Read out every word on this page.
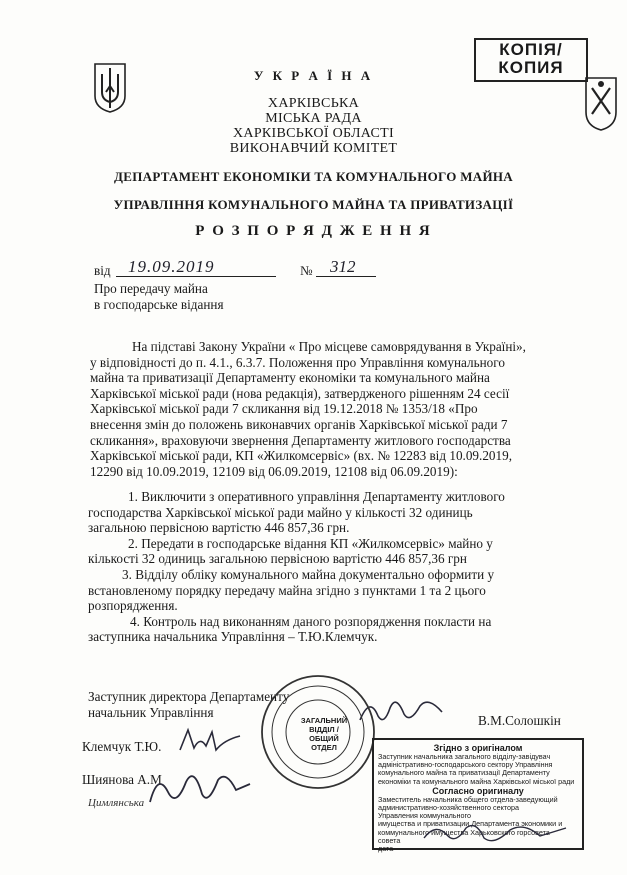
КОПІЯ/
КОПИЯ
У К Р А Ї Н А
ХАРКІВСЬКА
МІСЬКА РАДА
ХАРКІВСЬКОЇ ОБЛАСТІ
ВИКОНАВЧИЙ КОМІТЕТ
ДЕПАРТАМЕНТ ЕКОНОМІКИ ТА КОМУНАЛЬНОГО МАЙНА
УПРАВЛІННЯ КОМУНАЛЬНОГО МАЙНА ТА ПРИВАТИЗАЦІЇ
Р О З П О Р Я Д Ж Е Н Н Я
від 19.09.2019	№ 312
Про передачу майна
в господарське відання
На підставі Закону України « Про місцеве самоврядування в Україні»,
у відповідності до п. 4.1., 6.3.7. Положення про Управління комунального
майна та приватизації Департаменту економіки та комунального майна
Харківської міської ради (нова редакція), затвердженого рішенням 24 сесії
Харківської міської ради 7 скликання від 19.12.2018 № 1353/18 «Про
внесення змін до положень виконавчих органів Харківської міської ради 7
скликання», враховуючи звернення Департаменту житлового господарства
Харківської міської ради, КП «Жилкомсервіс» (вх. № 12283 від 10.09.2019,
12290 від 10.09.2019, 12109 від 06.09.2019, 12108 від 06.09.2019):
1. Виключити з оперативного управління Департаменту житлового
господарства Харківської міської ради майно у кількості 32 одиниць
загальною первісною вартістю 446 857,36 грн.
2. Передати в господарське відання КП «Жилкомсервіс» майно у
кількості 32 одиниць загальною первісною вартістю 446 857,36 грн
3. Відділу обліку комунального майна документально оформити у
встановленому порядку передачу майна згідно з пунктами 1 та 2 цього
розпорядження.
4. Контроль над виконанням даного розпорядження покласти на
заступника начальника Управління – Т.Ю.Клемчук.
Заступник директора Департаменту
начальник Управління
В.М.Солошкін
Клемчук Т.Ю.
Шиянова А.М
Цимлянська
ЗАГАЛЬНИЙ
ВІДДІЛ /
ОБЩИЙ ОТДЕЛ	Згідно з оригіналом
Заступник начальника загального відділу-завідувач
адміністративно-господарського сектору Управління
комунального майна та приватизації Департаменту
економіки та комунального майна Харківської міської ради
Согласно оригиналу
Заместитель начальника общего отдела-заведующий
административно-хозяйственного сектора
Управления коммунального
имущества и приватизации Департамента экономики и
коммунального имущества Харьковского горсовета
совета
дата
